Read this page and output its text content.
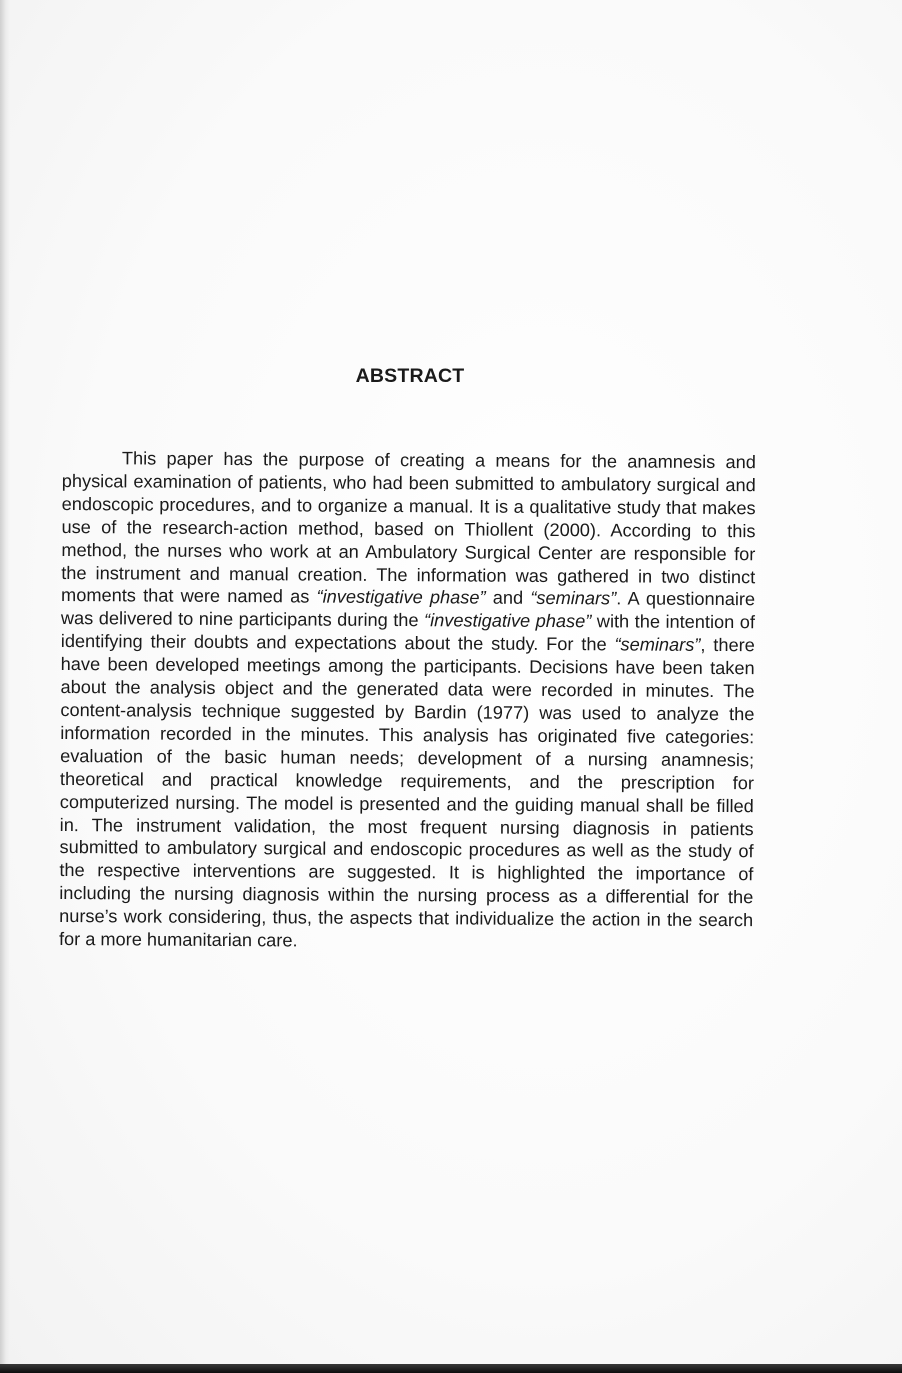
ABSTRACT

This paper has the purpose of creating a means for the anamnesis and physical examination of patients, who had been submitted to ambulatory surgical and endoscopic procedures, and to organize a manual. It is a qualitative study that makes use of the research-action method, based on Thiollent (2000). According to this method, the nurses who work at an Ambulatory Surgical Center are responsible for the instrument and manual creation. The information was gathered in two distinct moments that were named as “investigative phase” and “seminars”. A questionnaire was delivered to nine participants during the “investigative phase” with the intention of identifying their doubts and expectations about the study. For the “seminars”, there have been developed meetings among the participants. Decisions have been taken about the analysis object and the generated data were recorded in minutes. The content-analysis technique suggested by Bardin (1977) was used to analyze the information recorded in the minutes. This analysis has originated five categories: evaluation of the basic human needs; development of a nursing anamnesis; theoretical and practical knowledge requirements, and the prescription for computerized nursing. The model is presented and the guiding manual shall be filled in. The instrument validation, the most frequent nursing diagnosis in patients submitted to ambulatory surgical and endoscopic procedures as well as the study of the respective interventions are suggested. It is highlighted the importance of including the nursing diagnosis within the nursing process as a differential for the nurse’s work considering, thus, the aspects that individualize the action in the search for a more humanitarian care.
